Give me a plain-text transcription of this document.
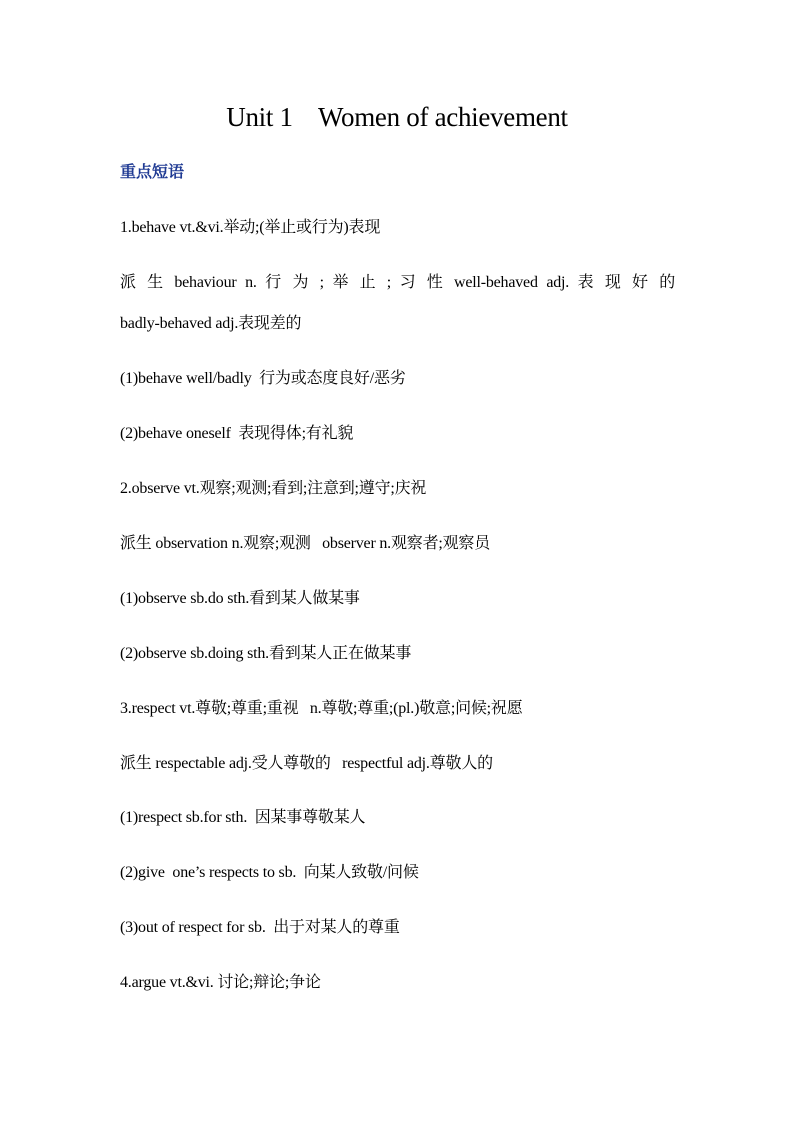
Unit 1    Women of achievement
重点短语
1.behave vt.&vi.举动;(举止或行为)表现
派 生 behaviour n. 行 为 ; 举 止 ; 习 性 well-behaved adj. 表 现 好 的
badly-behaved adj.表现差的
(1)behave well/badly  行为或态度良好/恶劣
(2)behave oneself  表现得体;有礼貌
2.observe vt.观察;观测;看到;注意到;遵守;庆祝
派生 observation n.观察;观测   observer n.观察者;观察员
(1)observe sb.do sth.看到某人做某事
(2)observe sb.doing sth.看到某人正在做某事
3.respect vt.尊敬;尊重;重视   n.尊敬;尊重;(pl.)敬意;问候;祝愿
派生 respectable adj.受人尊敬的   respectful adj.尊敬人的
(1)respect sb.for sth.  因某事尊敬某人
(2)give  one’s respects to sb.  向某人致敬/问候
(3)out of respect for sb.  出于对某人的尊重
4.argue vt.&vi. 讨论;辩论;争论
